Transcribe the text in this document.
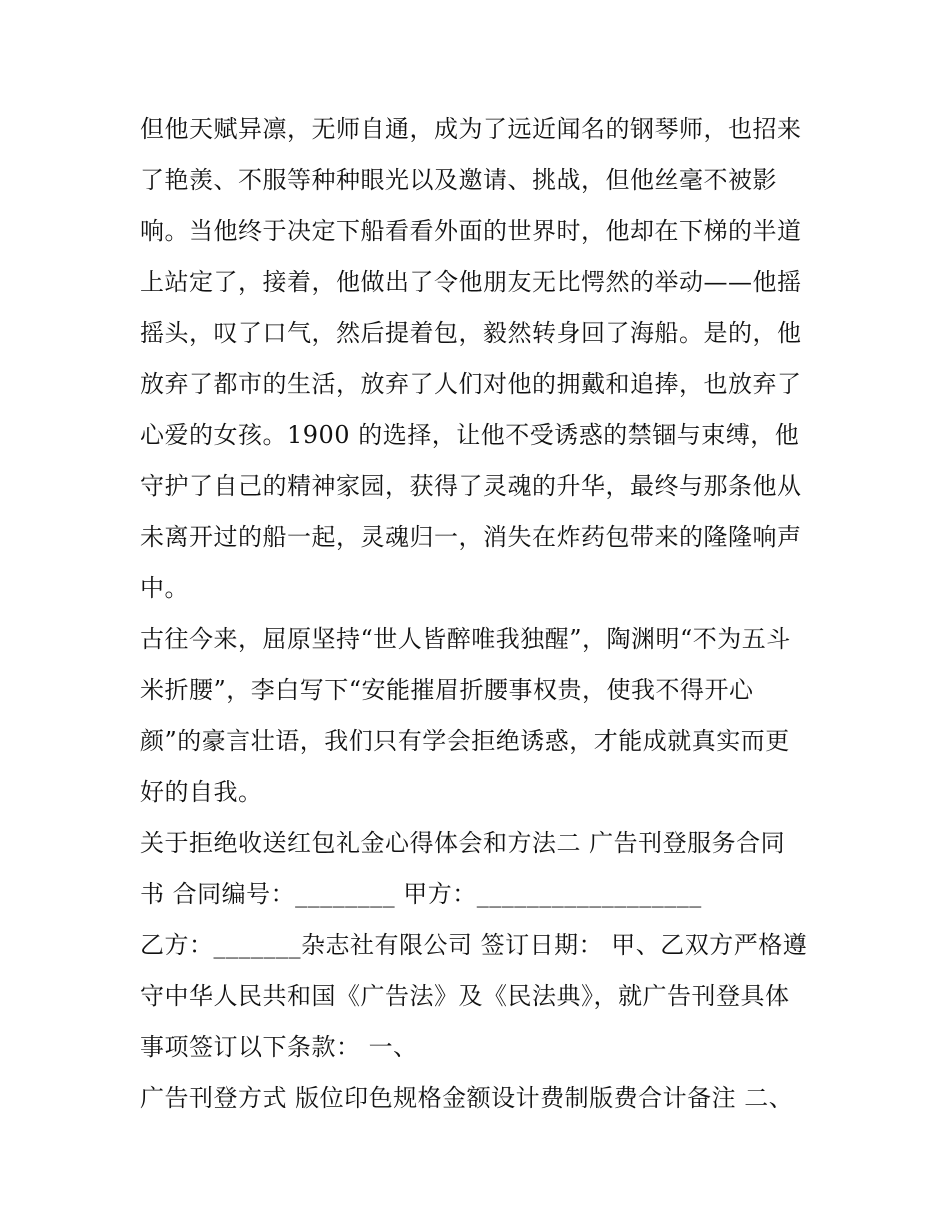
但他天赋异凛，无师自通，成为了远近闻名的钢琴师，也招来
了艳羡、不服等种种眼光以及邀请、挑战，但他丝毫不被影
响。当他终于决定下船看看外面的世界时，他却在下梯的半道
上站定了，接着，他做出了令他朋友无比愕然的举动——他摇
摇头，叹了口气，然后提着包，毅然转身回了海船。是的，他
放弃了都市的生活，放弃了人们对他的拥戴和追捧，也放弃了
心爱的女孩。1900 的选择，让他不受诱惑的禁锢与束缚，他
守护了自己的精神家园，获得了灵魂的升华，最终与那条他从
未离开过的船一起，灵魂归一，消失在炸药包带来的隆隆响声
中。
古往今来，屈原坚持“世人皆醉唯我独醒”，陶渊明“不为五斗
米折腰”，李白写下“安能摧眉折腰事权贵，使我不得开心
颜”的豪言壮语，我们只有学会拒绝诱惑，才能成就真实而更
好的自我。
关于拒绝收送红包礼金心得体会和方法二 广告刊登服务合同
书 合同编号：________ 甲方：__________________
乙方：_______杂志社有限公司 签订日期： 甲、乙双方严格遵
守中华人民共和国《广告法》及《民法典》，就广告刊登具体
事项签订以下条款： 一、
广告刊登方式 版位印色规格金额设计费制版费合计备注 二、
